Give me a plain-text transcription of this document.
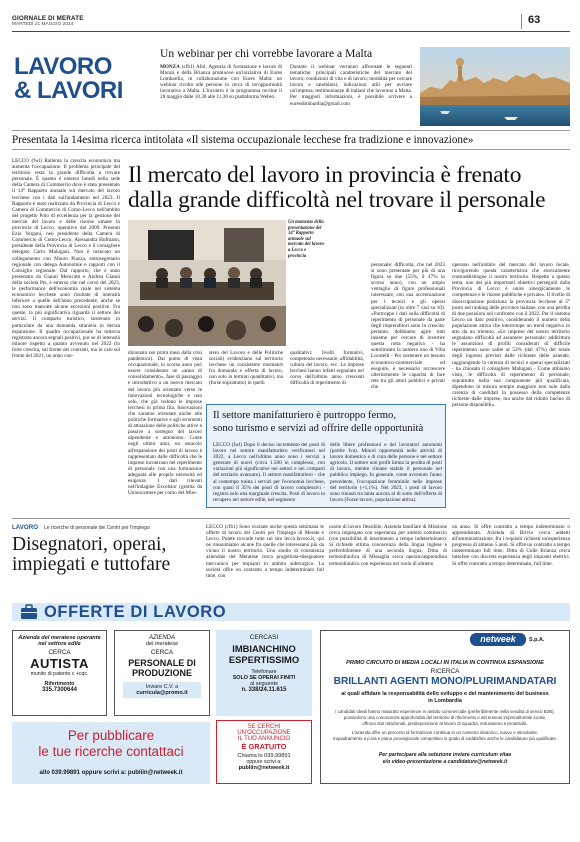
GIORNALE DI MERATE
MARTEDÌ 21 MAGGIO 2024	63
LAVORO
& LAVORI
Un webinar per chi vorrebbe lavorare a Malta
MONZA (cfb1) Afol, Agenzia di formazione e lavoro di Monza e della Brianza promuove un'iniziativa di Eures Lombardia, in collaborazione con Eures Malta: un webinar rivolto alle persone in cerca di un'opportunità lavorativa a Malta. L'incontro è in programma on-line il 28 maggio dalle 10.30 alle 11.30 su piattaforma Webex.
Durante il webinar verranno affrontate le seguenti tematiche: principali caratteristiche del mercato del lavoro; condizioni di vita e di lavoro; modalità per cercare lavoro e candidarsi; indicazioni utili per avviare un'impresa; testimonianze di italiani che lavorano a Malta. Per maggiori informazioni, è possibile scrivere a euresdombardia@gmail.com
Presentata la 14esima ricerca intitolata «Il sistema occupazionale lecchese fra tradizione e innovazione»
Il mercato del lavoro in provincia è frenato
dalla grande difficoltà nel trovare il personale
LECCO (fwl) Rallenta la crescita economica ma aumenta l'occupazione. Il problema principale del territorio resta la grande difficoltà a trovare personale. È quanto è emerso lunedì nella sede della Camera di Commercio dove è stato presentato il 14° Rapporto annuale sul mercato del lavoro lecchese con i dati sull'andamento nel 2023. Il Rapporto è stato realizzato da Provincia di Lecco e Camera di Commercio di Como-Lecco nell'ambito del progetto Polo di eccellenza per la gestione dei mercati del lavoro e delle risorse umane in provincia di Lecco, operativo dal 2009. Presenti Ezio Vergani, neo presidente della Camera di Commercio di Como-Lecco, Alessandra Hofmann, presidente della Provincia di Lecco e il consigliere delegato Carlo Malugani. Non è mancato un collegamento con Mauro Piazza, sottosegretario regionale con delega Autonomie e rapporti con il Consiglio regionale. Dal rapporto, che è stato presentato da Gianni Menicatti e Andrea Gianni della società Pts, è emerso che nel corso del 2023, le performance dell'economia reale nel sistema economico lecchese sono risultate di intensità inferiore a quelle dell'anno precedente, anche se non sono mancate alcune eccezioni positive. Fra queste, la più significativa riguarda il settore dei servizi. Il comparto turistico, sostenuto in particolare da una domanda straniera in decisa espansione. Il quadro occupazionale ha tuttavia registrato ancora segnali positivi, pur se di intensità minore rispetto a quanto avvenuto nel 2022 (in forte crescita, sul fronte dei contratti, ma in calo sul fronte del 2021, un anno con-
Un momento della presentazione del 14° Rapporto annuale sul mercato del lavoro a Lecco e provincia
dizionato nei primi mesi dalla crisi pandemica). Dal punto di vista occupazionale, lo scorso anno può essere considerato un «anno di consolidamento», fase di passaggio e introduttivo a un nuovo mercato del lavoro più orientato verso le innovazioni tecnologiche e non solo, che già vedono le imprese lecchesi in prima fila. Innovazioni che saranno orientate anche alle politiche formative e agli strumenti di attuazione delle politiche attive e passive a sostegno del lavoro dipendente e autonomo. Come negli ultimi anni, un ostacolo all'espansione dei posti di lavoro è rappresentato dalle difficoltà che le imprese incontrano nel reperimento di personale con una formazione adeguata alle proprie necessità ed esigenze. I dati rilevati nell'indagine Excelsior (gestita da Unioncamere per conto del Mini-
stero del Lavoro e delle Politiche sociali) evidenziano sul territorio lecchese un consistente mismatch fra domanda e offerta di lavoro, non solo in termini quantitativi, ma (forse soprattutto) in quelli
qualitativi: livelli formativi, competenze necessarie, affidabilità, cultura del lavoro, ecc. Le imprese lecchesi hanno infatti segnalato nel corso dell'ultimo anno crescenti difficoltà di reperimento di
personale: difficoltà, che nel 2023 si sono presentate per più di una figura su due (55%, il 47% lo scorso anno), con un ampio ventaglio di figure professionali interessate, con una accentuazione per i tecnici e gli operai specializzati (in oltre 7 casi su 10). «Purtroppo i dati sulla difficoltà di reperimento di personale da parte degli imprenditori sono in crescita: pertanto, dobbiamo agire tutti insieme per cercare di invertire questa rotta negativa - ha sottolineato la numero uno di Villa Locatelli - Per sostenere un tessuto economico-commerciale ed eseguire, è necessario accrescere ulteriormente le capacità di fare rete tra gli attori pubblici e privati che
operano nell'ambito del mercato del lavoro locale, rinvigorendo questa caratteristica che storicamente contraddistingue il nostro territorio. Rispetto a questo tema, uno dei più importanti obiettivi perseguiti dalla Provincia di Lecco è unire sinergicamente le competenze e le risorse pubbliche e private». Il livello di disoccupazione posiziona la provincia lecchese al 5° posto nel ranking delle province italiane, con una perdita di due posizioni nel confronto con il 2022. Per il sistema Lecco un dato positivo, considerando il numero della popolazione attiva che interrompe un trend negativo in atto da un triennio. «Le imprese del nostro territorio segnalano difficoltà ad assumere personale: addirittura le assunzioni di profili considerati di difficile reperimento sono salite al 53% (dal 47%) del totale degli ingressi previsti dalle richieste delle aziende, raggiungendo la carenza di tecnici e operai specializzati - ha chiosato il consigliere Malugani - Come abbiamo visto, le difficoltà di reperimento di personale, soprattutto nella sua componente più qualificata, dipendono in misura sempre maggiore non solo dalla carenza di candidati in possesso della competenze richieste dalle imprese, ma anche dal ridotto bacino di persone disponibili».
Il settore manifatturiero è purtroppo fermo,
sono turismo e servizi ad offrire delle opportunità
LECCO (fwl) Dopo il deciso incremento dei posti di lavoro nel settore manifatturiero verificatosi nel 2022, a Lecco nell'ultimo anno sono i servizi a generare di nuovi (circa 1.500 in complesso, con variazioni più significative nei settori e nei comparti del terziario avanzato). Il settore manifatturiero - che al contempo traina i servizi per l'economia lecchese, con quasi il 35% dei posti di lavoro complessivi - registra solo una marginale crescita. Posti di lavoro in recupero nel settore edile, nel segmento
delle libere professioni e dei lavoratori autonomi (partite Iva). Minori opportunità nelle attività di lavoro domestico e di cura delle persone e nel settore agricolo. Il settore non profit limita la perdita di posti di lavoro, mentre rimane stabile il personale nel pubblico impiego. In generale, come avvenuto l'anno precedente, l'occupazione femminile nelle imprese del territorio (+1,1%). Nel 2023, i posti di lavoro sono rimasti tra tanta ancora al di sotto dell'offerta di lavoro (Forze lavoro, popolazione attiva).
LAVORO Le ricerche di personale dei Centri per l'impiego
Disegnatori, operai,
impiegati e tuttofare
LECCO (cfb1) Sono svariate anche questa settimana le offerte di lavoro dei Centri per l'impiego di Merate e Lecco. Potete trovarle tutte sul sito lecco.lavoro.it, qui ne riassumiamo alcune fra quelle che interessano più da vicino il nostro territorio. Uno studio di consulenza aziendale del Meratese cerca progettista-disegnatore meccanico per impianti in ambito siderurgico. La società offre un contratto a tempo indeterminato full time, con
orario di lavoro flessibile. Azienda familiare di Missione cerca impiegato con esperienza per ambito commercio (con possibilità di inserimento a tempo indeterminato). Si richiede ottima conoscenza della lingua inglese e preferibilmente di una seconda lingua. Ditta di termoidraulica di Missaglia cerca operaio/apprendista termoidraulico con esperienza nel ruolo di almeno
un anno. Si offre contratto a tempo indeterminato o apprendistato. Azienda di Brivio cerca addetti all'amministrazione, fra i requisiti richiesti un'esperienza pregressa di almeno 5 anni. Si offre un contratto a tempo indeterminato full time. Ditta di Colle Brianza cerca tuttofare con discreta esperienza degli impianti elettrici. Si offre contratto a tempo determinato, full time.
OFFERTE DI LAVORO
Azienda del meratese operante
nel settore edile
CERCA
AUTISTA
munito di patente c +cqc.
Riferimento
335.7300644
AZIENDA
del meratese
CERCA
PERSONALE DI
PRODUZIONE
Inviare C.V. a
curricula@promo.it
CERCASI
IMBIANCHINO
ESPERTISSIMO
Telefonare
SOLO SE OPERAI FINITI
al seguente
n. 338/24.11.615
SE CERCHI
UN'OCCUPAZIONE
IL TUO ANNUNCIO
È GRATUITO
Chiama lo 039.99891
oppure scrivi a:
publiin@netweek.it
Per pubblicare
le tue ricerche contattaci
allo 039.99891 oppure scrivi a: publiin@netweek.it
netweek	S.p.A.
PRIMO CIRCUITO DI MEDIA LOCALI IN ITALIA IN CONTINUA ESPANSIONE
RICERCA
BRILLANTI AGENTI MONO/PLURIMANDATARI
ai quali affidare la responsabilità dello sviluppo e del mantenimento del business
in Lombardia
I candidati ideali hanno maturato esperienze in ambito commerciale (preferibilmente nella vendita di servizi B2B),
possiedono una conoscenza approfondita del territorio di riferimento e del tessuto imprenditoriale locale,
offrono doti relazionali, predisposizione al lavoro di squadra, entusiasmo e proattività.
L'azienda offre un percorso di formazione continua in un contesto dinamico, nuovo e stimolante.
Inquadramento a p.iva e piano provvigionale competitivo in grado di soddisfare anche le candidature più qualificate.
Per partecipare alla selezione inviare curriculum vitae
e/o video-presentazione a candidature@netweek.it
